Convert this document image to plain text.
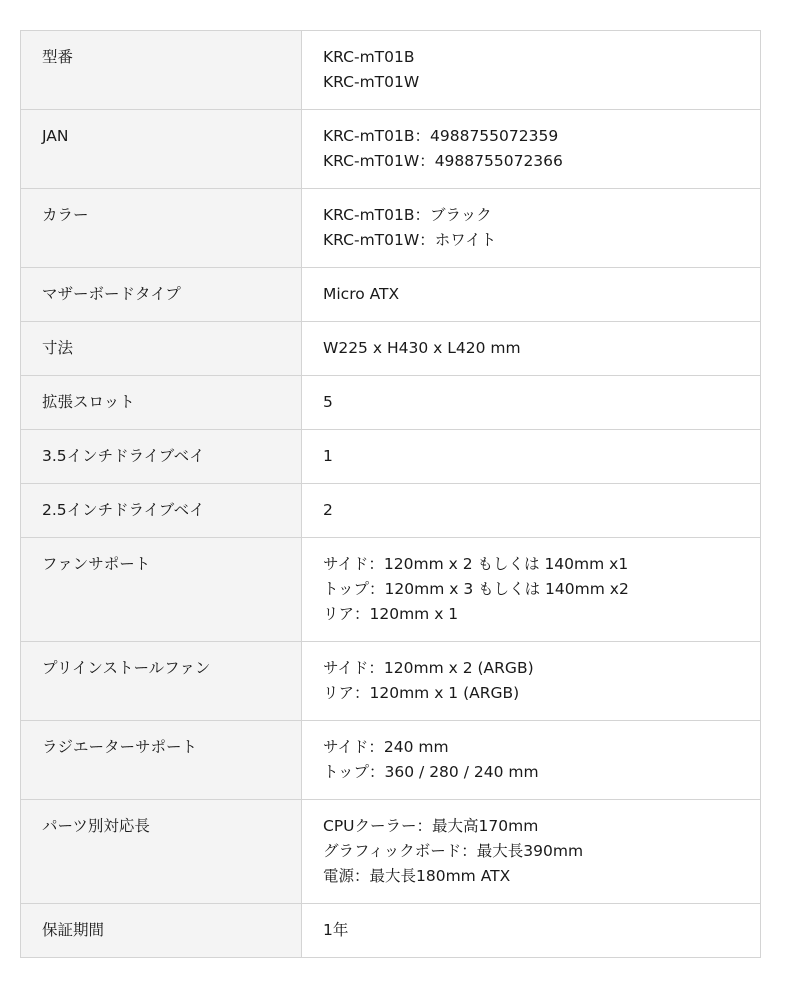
型番	KRC-mT01B
KRC-mT01W

JAN	KRC-mT01B：4988755072359
KRC-mT01W：4988755072366

カラー	KRC-mT01B：ブラック
KRC-mT01W：ホワイト

マザーボードタイプ	Micro ATX

寸法	W225 x H430 x L420 mm

拡張スロット	5

3.5インチドライブベイ	1

2.5インチドライブベイ	2

ファンサポート	サイド：120mm x 2 もしくは 140mm x1
トップ：120mm x 3 もしくは 140mm x2
リア：120mm x 1

プリインストールファン	サイド：120mm x 2 (ARGB)
リア：120mm x 1 (ARGB)

ラジエーターサポート	サイド：240 mm
トップ：360 / 280 / 240 mm

パーツ別対応長	CPUクーラー：最大高170mm
グラフィックボード：最大長390mm
電源：最大長180mm ATX

保証期間	1年
